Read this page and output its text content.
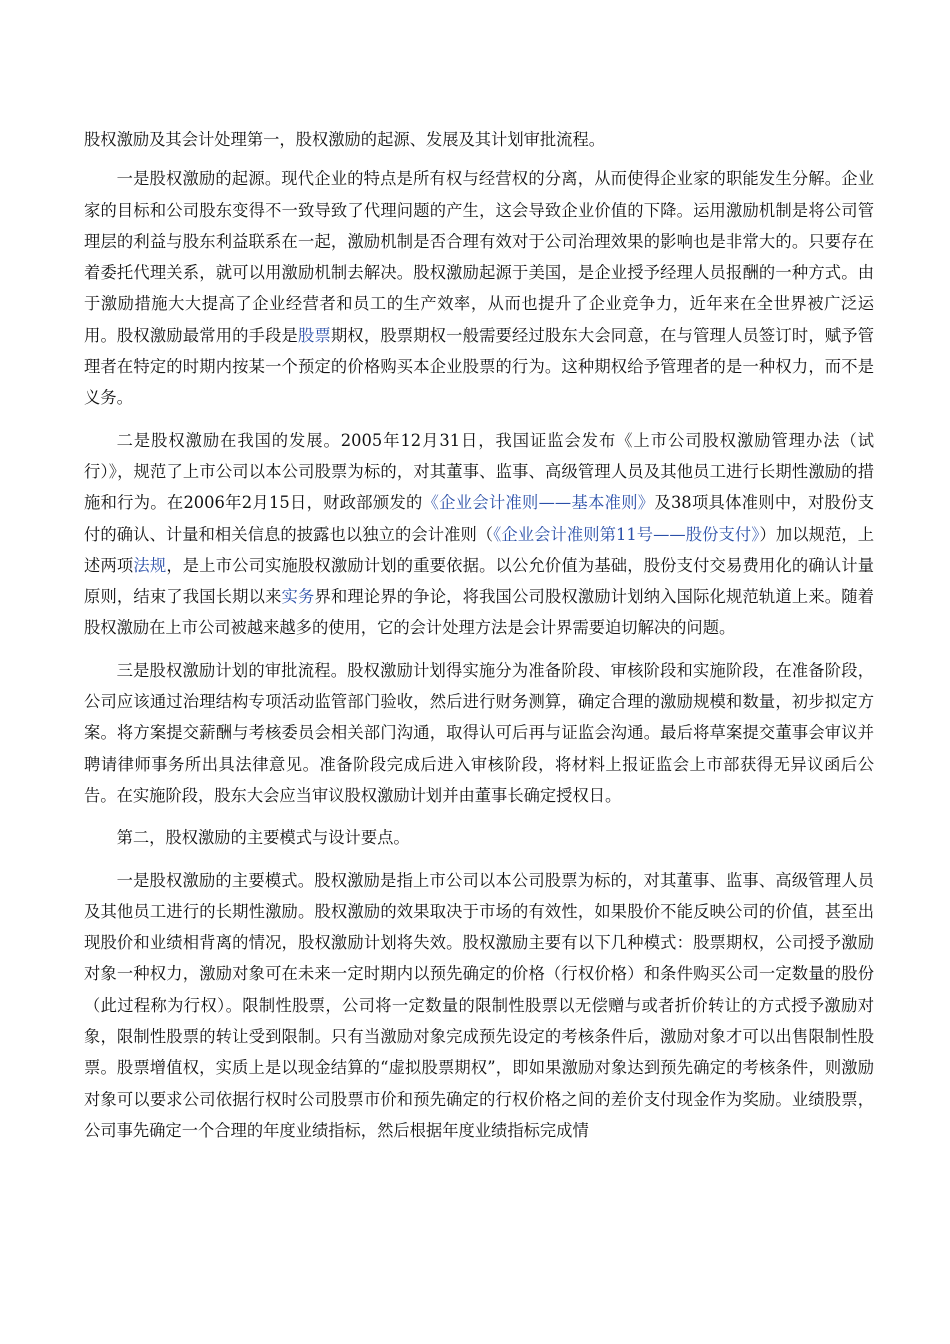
股权激励及其会计处理第一，股权激励的起源、发展及其计划审批流程。

一是股权激励的起源。现代企业的特点是所有权与经营权的分离，从而使得企业家的职能发生分解。企业家的目标和公司股东变得不一致导致了代理问题的产生，这会导致企业价值的下降。运用激励机制是将公司管理层的利益与股东利益联系在一起，激励机制是否合理有效对于公司治理效果的影响也是非常大的。只要存在着委托代理关系，就可以用激励机制去解决。股权激励起源于美国，是企业授予经理人员报酬的一种方式。由于激励措施大大提高了企业经营者和员工的生产效率，从而也提升了企业竞争力，近年来在全世界被广泛运用。股权激励最常用的手段是股票期权，股票期权一般需要经过股东大会同意，在与管理人员签订时，赋予管理者在特定的时期内按某一个预定的价格购买本企业股票的行为。这种期权给予管理者的是一种权力，而不是义务。

二是股权激励在我国的发展。2005年12月31日，我国证监会发布《上市公司股权激励管理办法（试行）》，规范了上市公司以本公司股票为标的，对其董事、监事、高级管理人员及其他员工进行长期性激励的措施和行为。在2006年2月15日，财政部颁发的《企业会计准则——基本准则》及38项具体准则中，对股份支付的确认、计量和相关信息的披露也以独立的会计准则（《企业会计准则第11号——股份支付》）加以规范，上述两项法规，是上市公司实施股权激励计划的重要依据。以公允价值为基础，股份支付交易费用化的确认计量原则，结束了我国长期以来实务界和理论界的争论，将我国公司股权激励计划纳入国际化规范轨道上来。随着股权激励在上市公司被越来越多的使用，它的会计处理方法是会计界需要迫切解决的问题。

三是股权激励计划的审批流程。股权激励计划得实施分为准备阶段、审核阶段和实施阶段，在准备阶段，公司应该通过治理结构专项活动监管部门验收，然后进行财务测算，确定合理的激励规模和数量，初步拟定方案。将方案提交薪酬与考核委员会相关部门沟通，取得认可后再与证监会沟通。最后将草案提交董事会审议并聘请律师事务所出具法律意见。准备阶段完成后进入审核阶段，将材料上报证监会上市部获得无异议函后公告。在实施阶段，股东大会应当审议股权激励计划并由董事长确定授权日。

第二，股权激励的主要模式与设计要点。

一是股权激励的主要模式。股权激励是指上市公司以本公司股票为标的，对其董事、监事、高级管理人员及其他员工进行的长期性激励。股权激励的效果取决于市场的有效性，如果股价不能反映公司的价值，甚至出现股价和业绩相背离的情况，股权激励计划将失效。股权激励主要有以下几种模式：股票期权，公司授予激励对象一种权力，激励对象可在未来一定时期内以预先确定的价格（行权价格）和条件购买公司一定数量的股份（此过程称为行权）。限制性股票，公司将一定数量的限制性股票以无偿赠与或者折价转让的方式授予激励对象，限制性股票的转让受到限制。只有当激励对象完成预先设定的考核条件后，激励对象才可以出售限制性股票。股票增值权，实质上是以现金结算的“虚拟股票期权”，即如果激励对象达到预先确定的考核条件，则激励对象可以要求公司依据行权时公司股票市价和预先确定的行权价格之间的差价支付现金作为奖励。业绩股票，公司事先确定一个合理的年度业绩指标，然后根据年度业绩指标完成情
